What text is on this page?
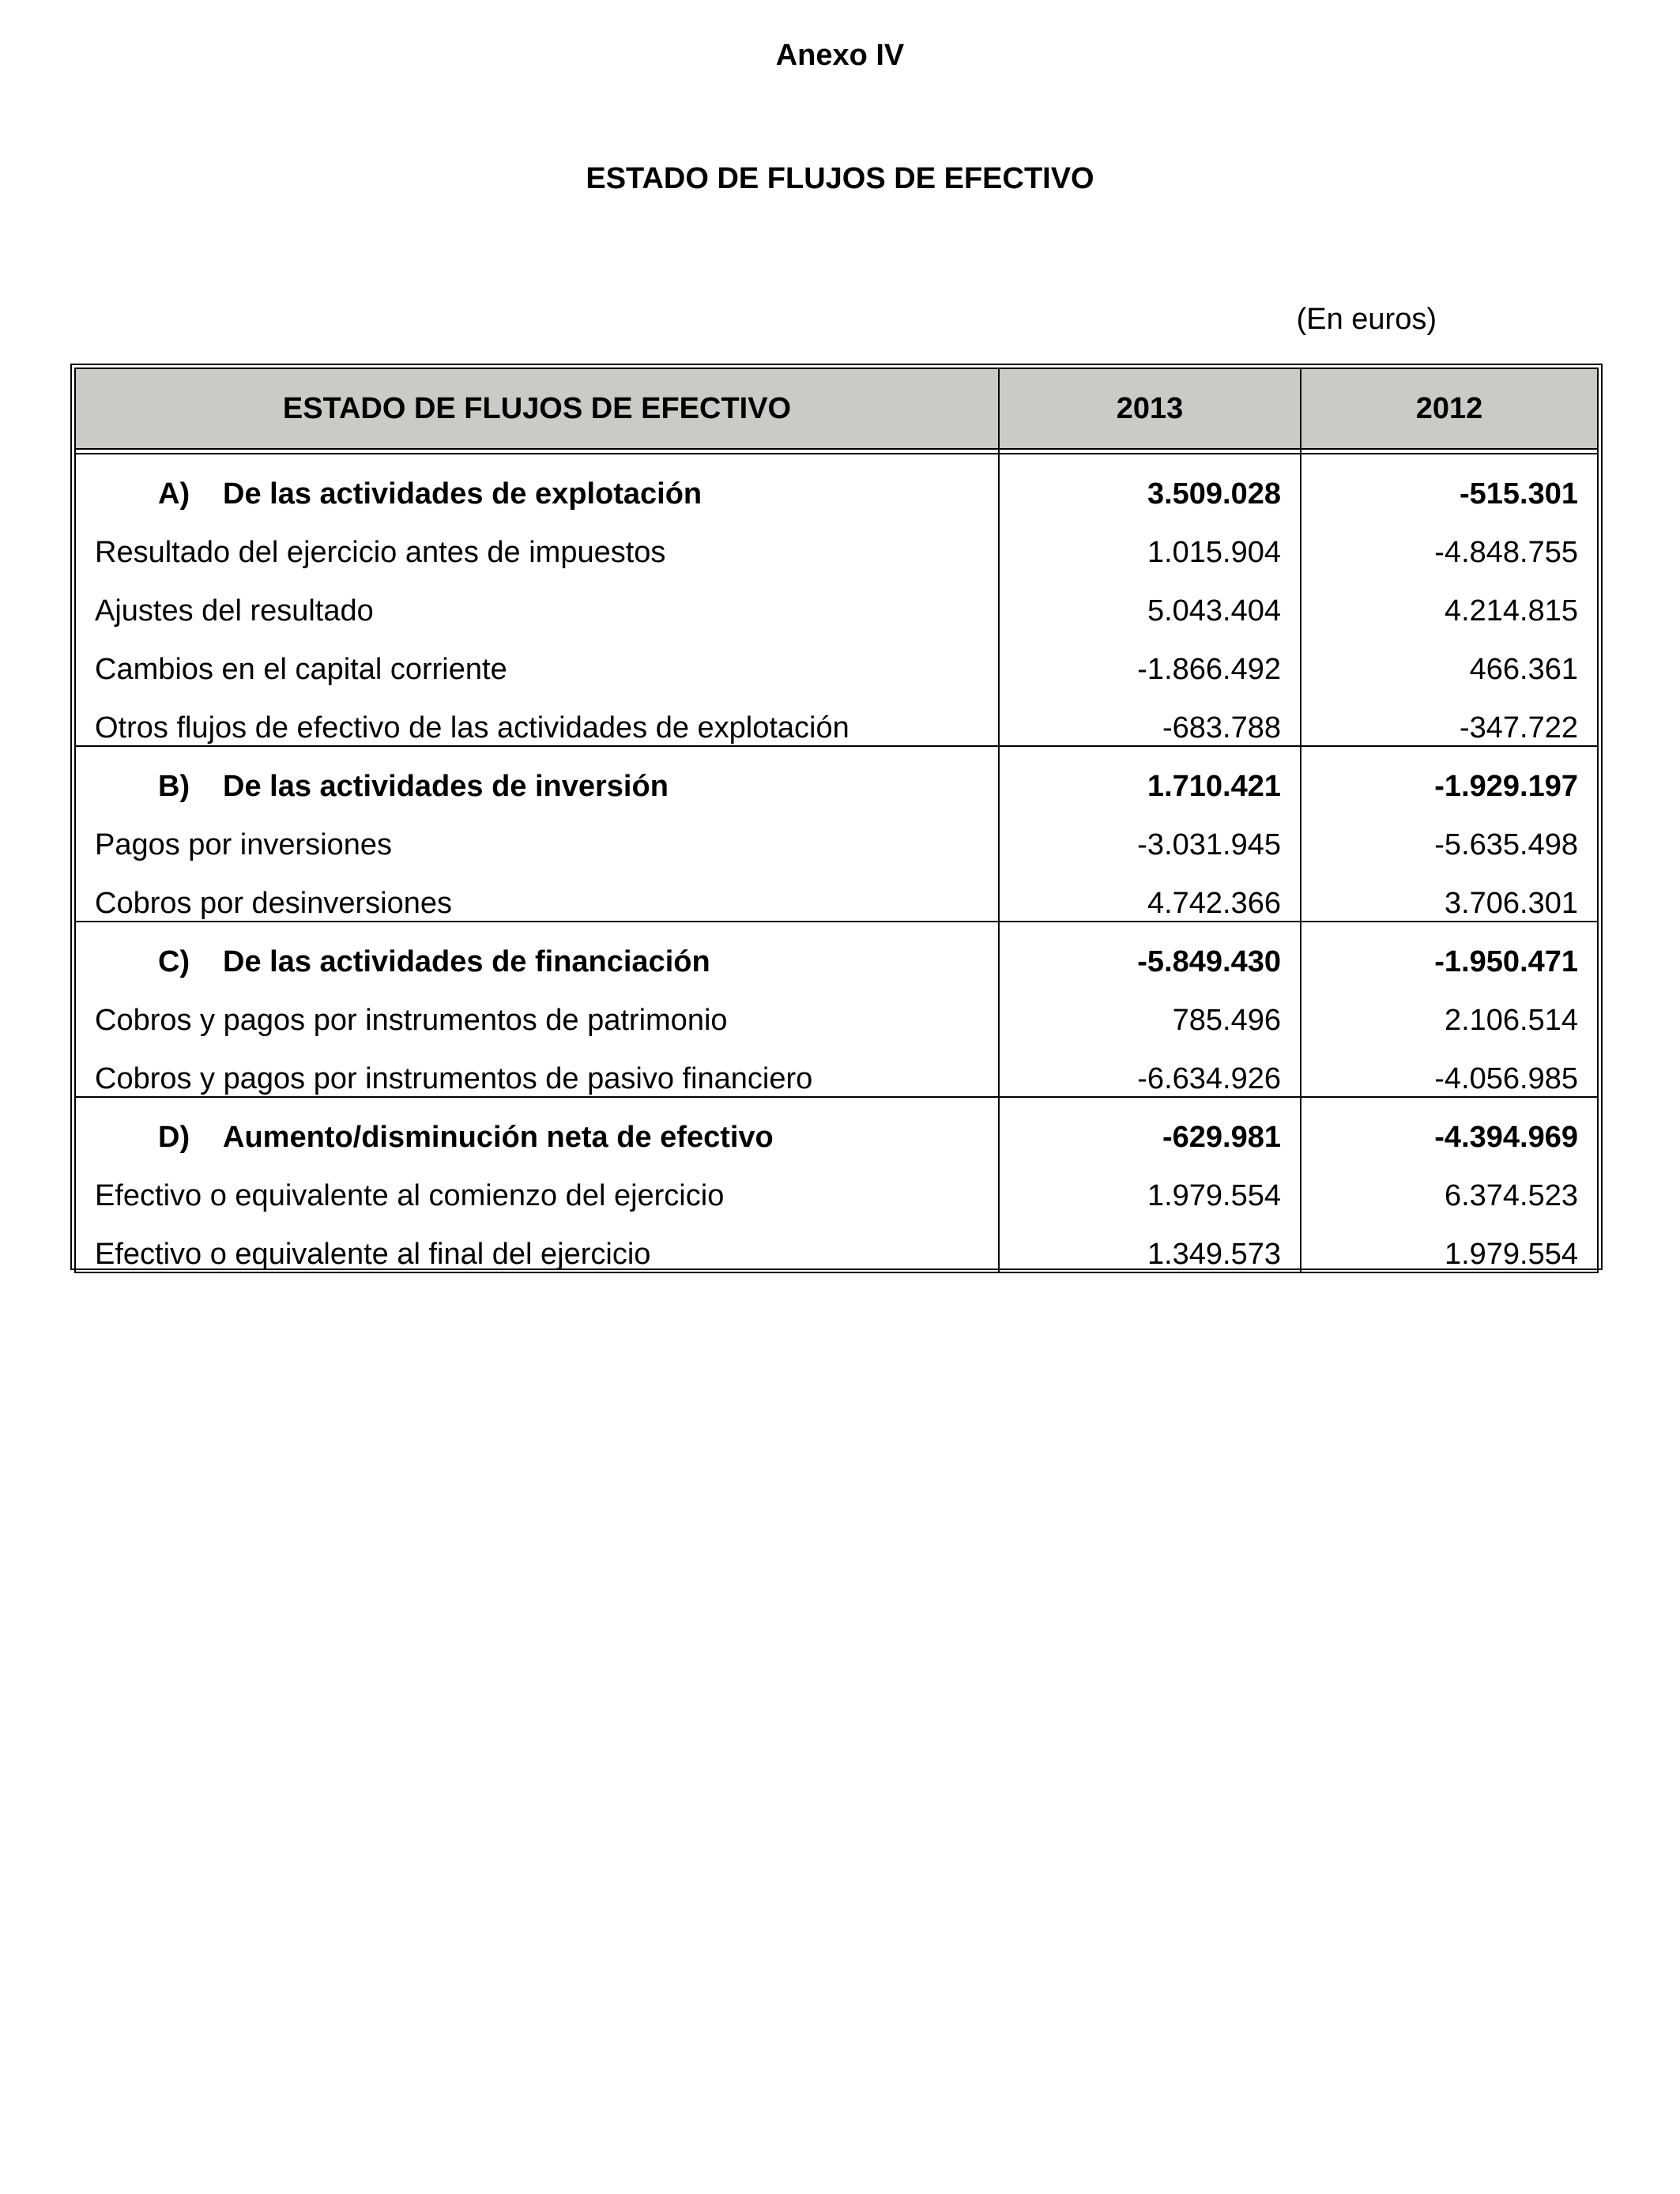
Anexo IV
ESTADO DE FLUJOS DE EFECTIVO
(En euros)
ESTADO DE FLUJOS DE EFECTIVO	2013	2012

A) De las actividades de explotación	3.509.028	-515.301
Resultado del ejercicio antes de impuestos	1.015.904	-4.848.755
Ajustes del resultado	5.043.404	4.214.815
Cambios en el capital corriente	-1.866.492	466.361
Otros flujos de efectivo de las actividades de explotación	-683.788	-347.722
B) De las actividades de inversión	1.710.421	-1.929.197
Pagos por inversiones	-3.031.945	-5.635.498
Cobros por desinversiones	4.742.366	3.706.301
C) De las actividades de financiación	-5.849.430	-1.950.471
Cobros y pagos por instrumentos de patrimonio	785.496	2.106.514
Cobros y pagos por instrumentos de pasivo financiero	-6.634.926	-4.056.985
D) Aumento/disminución neta de efectivo	-629.981	-4.394.969
Efectivo o equivalente al comienzo del ejercicio	1.979.554	6.374.523
Efectivo o equivalente al final del ejercicio	1.349.573	1.979.554
